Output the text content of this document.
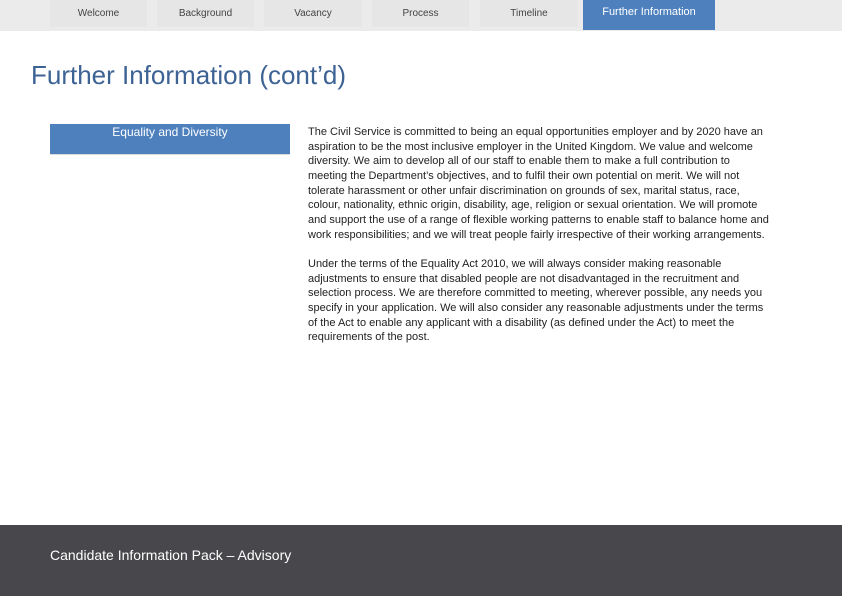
Welcome	Background	Vacancy	Process	Timeline	Further Information
Further Information (cont’d)
Equality and Diversity	The Civil Service is committed to being an equal opportunities employer and by 2020 have an aspiration to be the most inclusive employer in the United Kingdom. We value and welcome diversity. We aim to develop all of our staff to enable them to make a full contribution to meeting the Department’s objectives, and to fulfil their own potential on merit. We will not tolerate harassment or other unfair discrimination on grounds of sex, marital status, race, colour, nationality, ethnic origin, disability, age, religion or sexual orientation. We will promote and support the use of a range of flexible working patterns to enable staff to balance home and work responsibilities; and we will treat people fairly irrespective of their working arrangements.

Under the terms of the Equality Act 2010, we will always consider making reasonable adjustments to ensure that disabled people are not disadvantaged in the recruitment and selection process. We are therefore committed to meeting, wherever possible, any needs you specify in your application. We will also consider any reasonable adjustments under the terms of the Act to enable any applicant with a disability (as defined under the Act) to meet the requirements of the post.

Candidate Information Pack – Advisory
